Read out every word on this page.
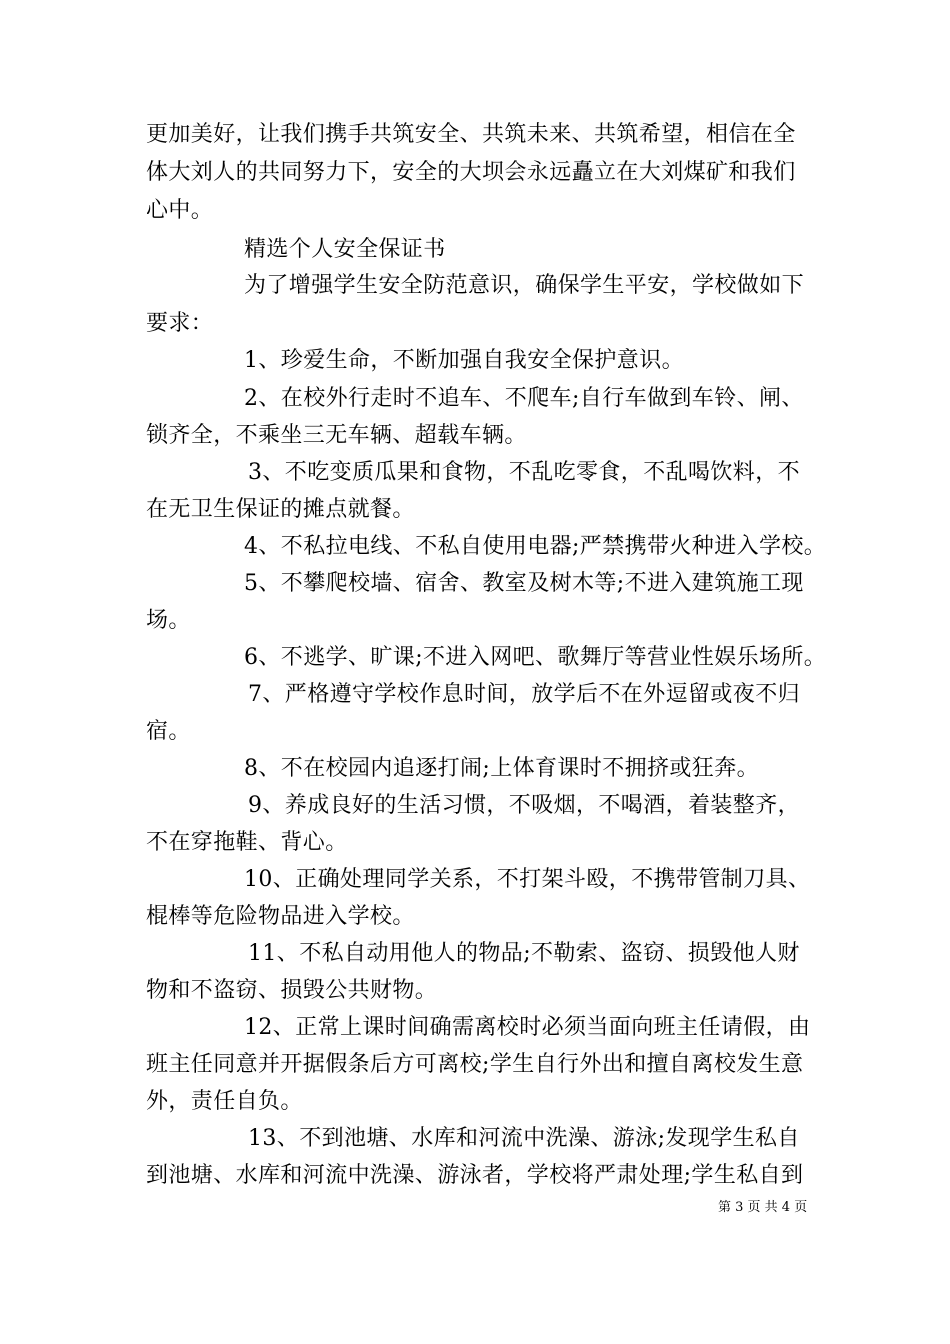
更加美好，让我们携手共筑安全、共筑未来、共筑希望，相信在全
体大刘人的共同努力下，安全的大坝会永远矗立在大刘煤矿和我们
心中。
精选个人安全保证书
为了增强学生安全防范意识，确保学生平安，学校做如下
要求：
1、珍爱生命，不断加强自我安全保护意识。
2、在校外行走时不追车、不爬车;自行车做到车铃、闸、
锁齐全，不乘坐三无车辆、超载车辆。
3、不吃变质瓜果和食物，不乱吃零食，不乱喝饮料，不
在无卫生保证的摊点就餐。
4、不私拉电线、不私自使用电器;严禁携带火种进入学校。
5、不攀爬校墙、宿舍、教室及树木等;不进入建筑施工现
场。
6、不逃学、旷课;不进入网吧、歌舞厅等营业性娱乐场所。
7、严格遵守学校作息时间，放学后不在外逗留或夜不归
宿。
8、不在校园内追逐打闹;上体育课时不拥挤或狂奔。
9、养成良好的生活习惯，不吸烟，不喝酒，着装整齐，
不在穿拖鞋、背心。
10、正确处理同学关系，不打架斗殴，不携带管制刀具、
棍棒等危险物品进入学校。
11、不私自动用他人的物品;不勒索、盗窃、损毁他人财
物和不盗窃、损毁公共财物。
12、正常上课时间确需离校时必须当面向班主任请假，由
班主任同意并开据假条后方可离校;学生自行外出和擅自离校发生意
外，责任自负。
13、不到池塘、水库和河流中洗澡、游泳;发现学生私自
到池塘、水库和河流中洗澡、游泳者，学校将严肃处理;学生私自到
第 3 页 共 4 页
